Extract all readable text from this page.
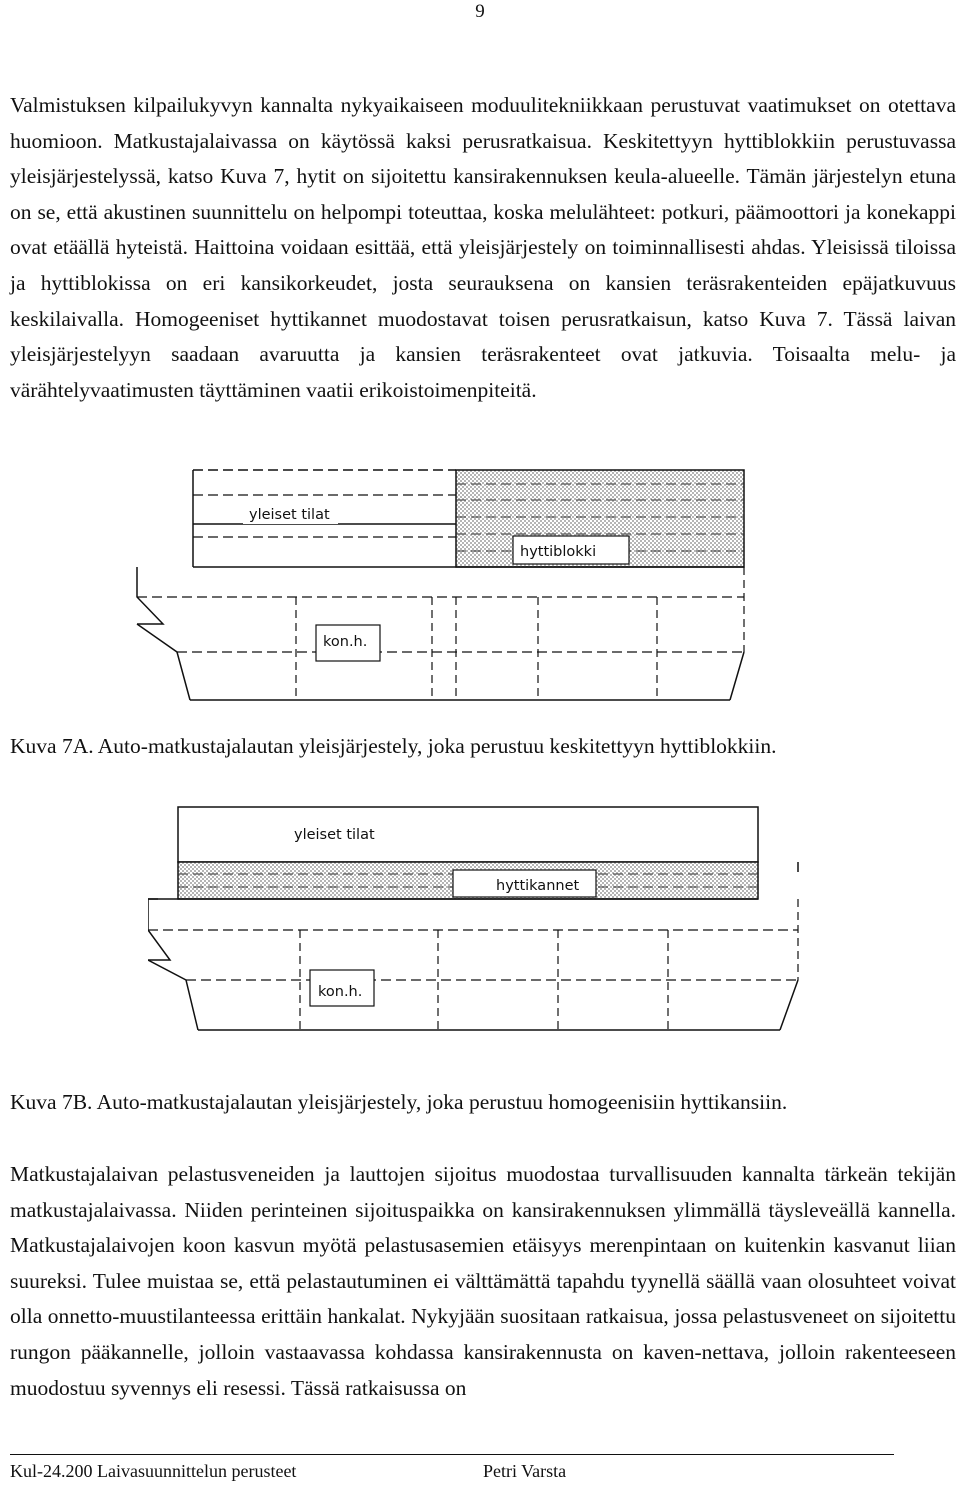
9

Valmistuksen kilpailukyvyn kannalta nykyaikaiseen moduulitekniikkaan perustuvat vaatimukset on otettava huomioon. Matkustajalaivassa on käytössä kaksi perusratkaisua. Keskitettyyn hyttiblokkiin perustuvassa yleisjärjestelyssä, katso Kuva 7, hytit on sijoitettu kansirakennuksen keula-alueelle. Tämän järjestelyn etuna on se, että akustinen suunnittelu on helpompi toteuttaa, koska melulähteet: potkuri, päämoottori ja konekappi ovat etäällä hyteistä. Haittoina voidaan esittää, että yleisjärjestely on toiminnallisesti ahdas. Yleisissä tiloissa ja hyttiblokissa on eri kansikorkeudet, josta seurauksena on kansien teräsrakenteiden epäjatkuvuus keskilaivalla. Homogeeniset hyttikannet muodostavat toisen perusratkaisun, katso Kuva 7. Tässä laivan yleisjärjestelyyn saadaan avaruutta ja kansien teräsrakenteet ovat jatkuvia. Toisaalta melu- ja värähtelyvaatimusten täyttäminen vaatii erikoistoimenpiteitä.

yleiset tilat
hyttiblokki
kon.h.

Kuva 7A. Auto-matkustajalautan yleisjärjestely, joka perustuu keskitettyyn hyttiblokkiin.

yleiset tilat
hyttikannet
kon.h.

Kuva 7B. Auto-matkustajalautan yleisjärjestely, joka perustuu homogeenisiin hyttikansiin.

Matkustajalaivan pelastusveneiden ja lauttojen sijoitus muodostaa turvallisuuden kannalta tärkeän tekijän matkustajalaivassa. Niiden perinteinen sijoituspaikka on kansirakennuksen ylimmällä täysleveällä kannella. Matkustajalaivojen koon kasvun myötä pelastusasemien etäisyys merenpintaan on kuitenkin kasvanut liian suureksi. Tulee muistaa se, että pelastautuminen ei välttämättä tapahdu tyynellä säällä vaan olosuhteet voivat olla onnetto-muustilanteessa erittäin hankalat. Nykyjään suositaan ratkaisua, jossa pelastusveneet on sijoitettu rungon pääkannelle, jolloin vastaavassa kohdassa kansirakennusta on kaven-nettava, jolloin rakenteeseen muodostuu syvennys eli resessi. Tässä ratkaisussa on

Kul-24.200 Laivasuunnittelun perusteet	Petri Varsta
